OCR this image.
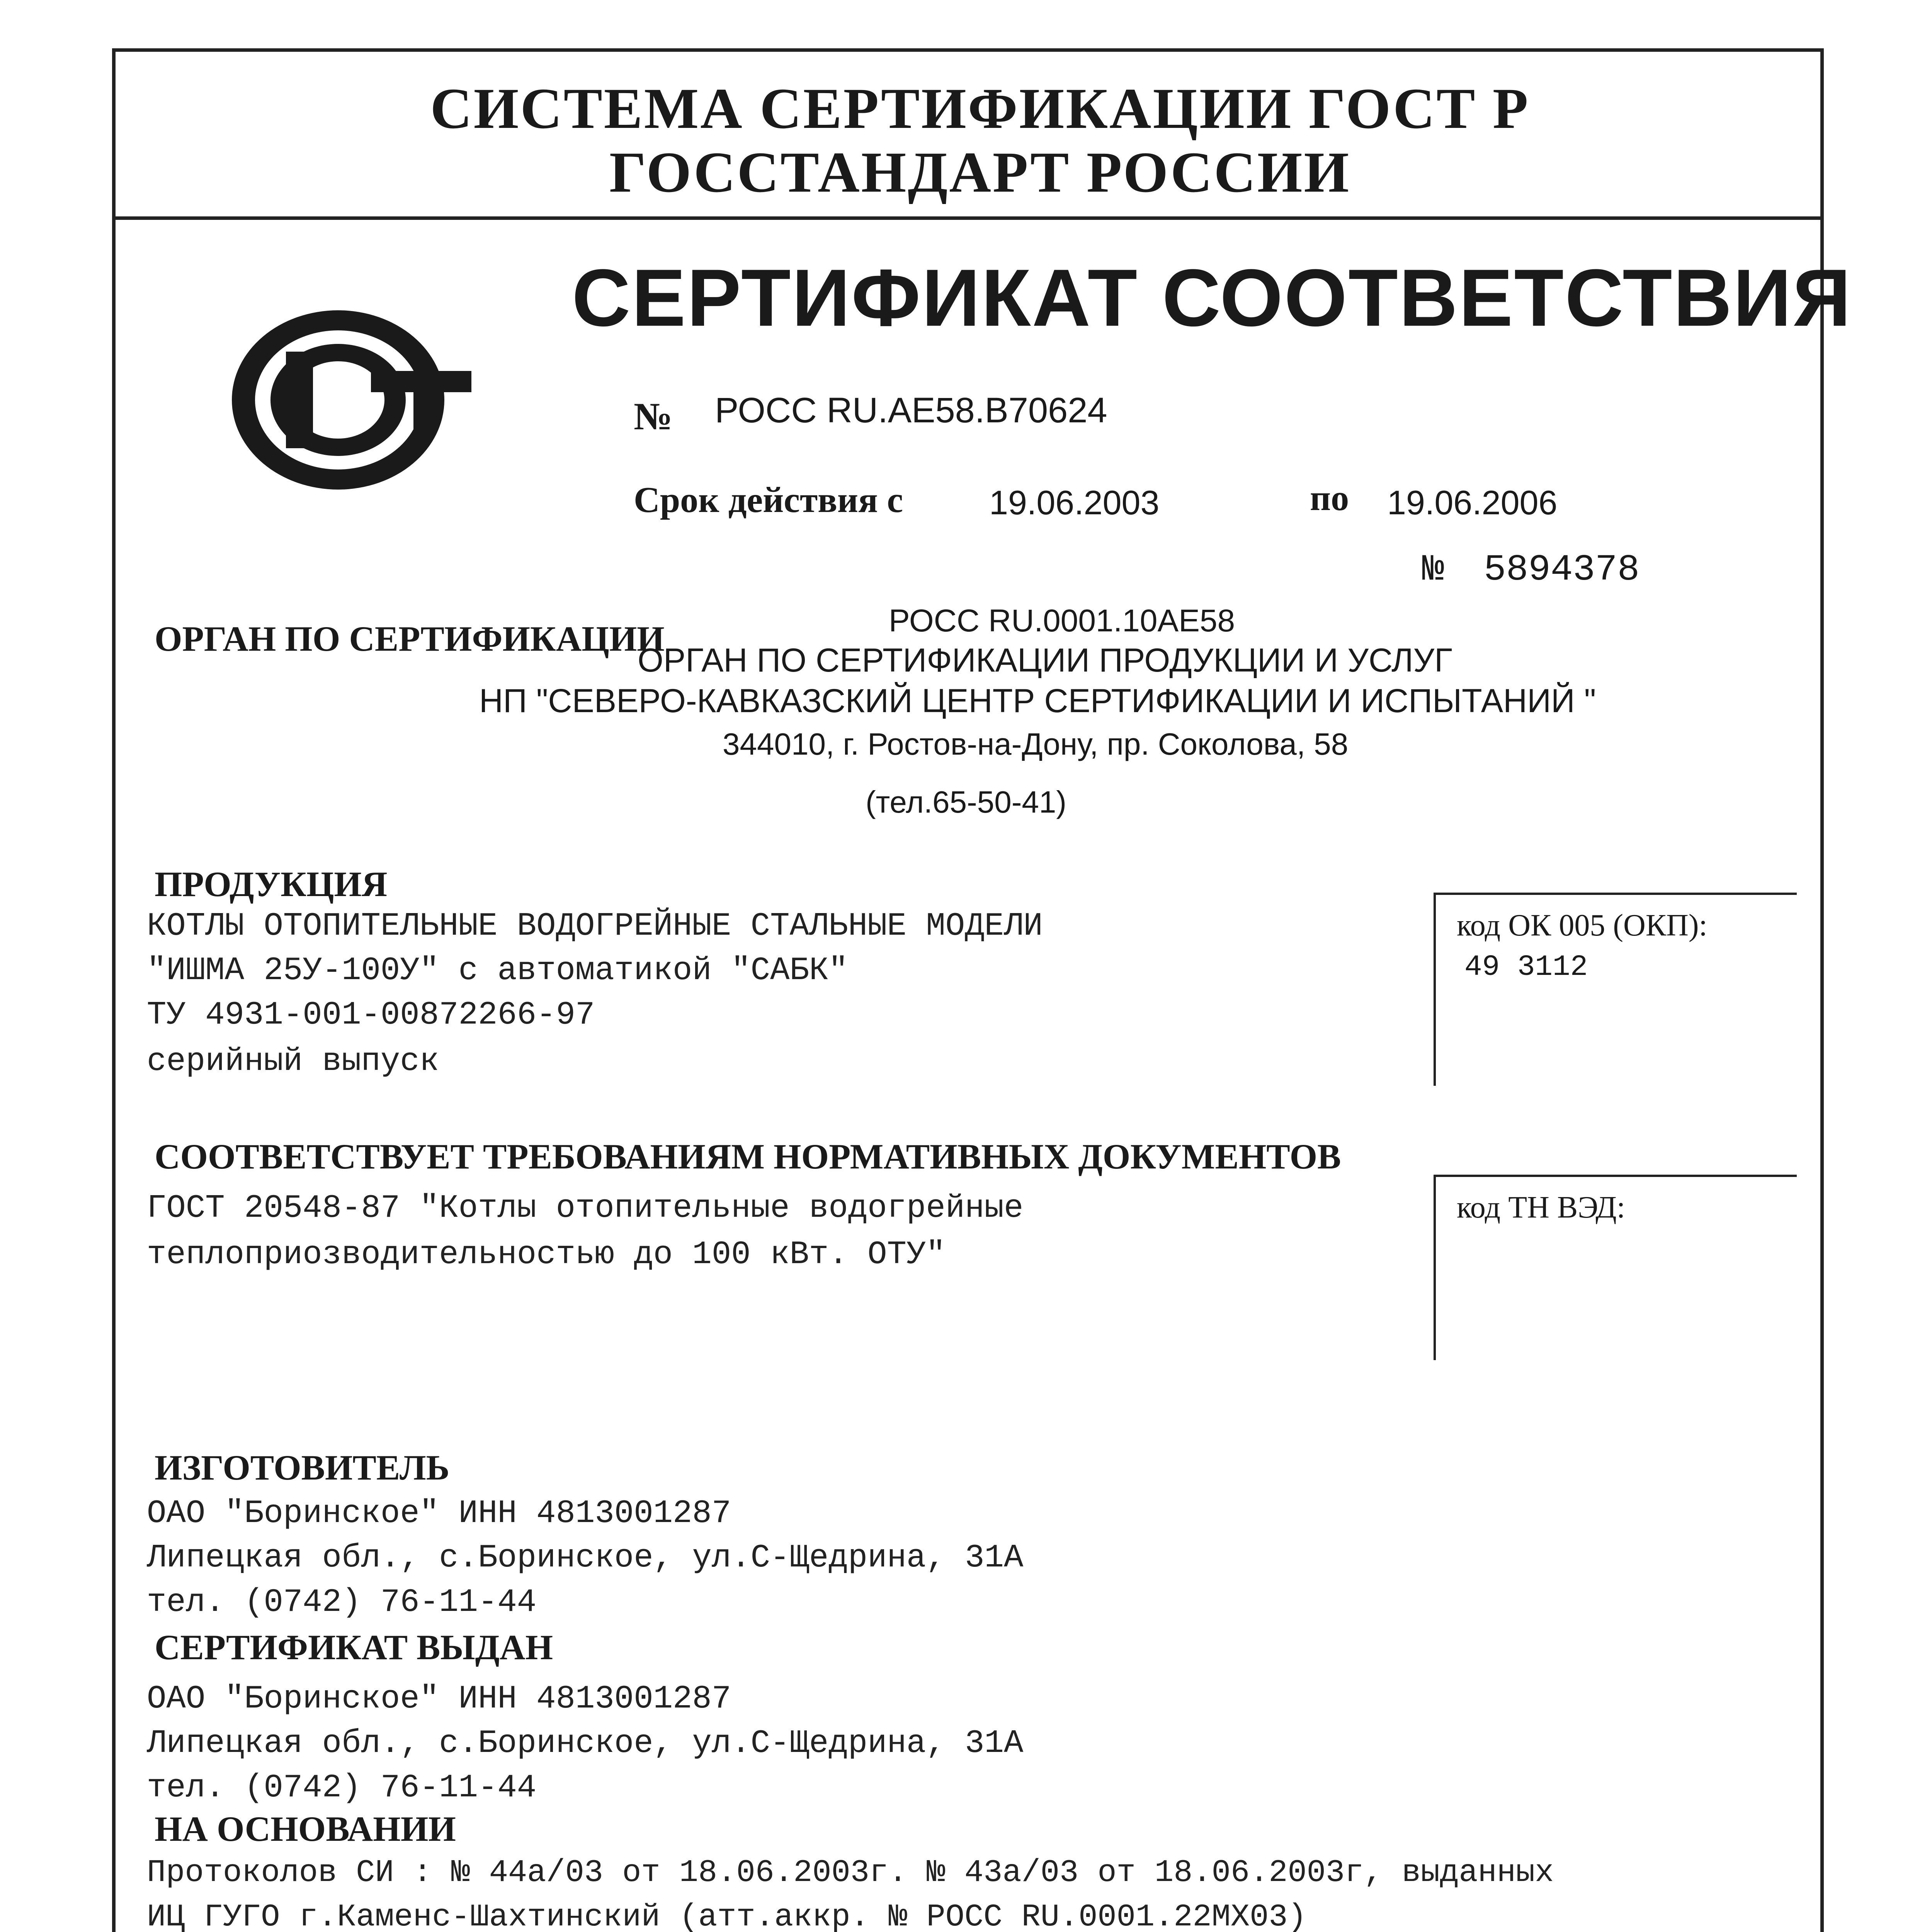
СИСТЕМА СЕРТИФИКАЦИИ ГОСТ Р
ГОССТАНДАРТ РОССИИ
СЕРТИФИКАТ СООТВЕТСТВИЯ
№ РОСС RU.AE58.B70624
Срок действия с	19.06.2003	по 19.06.2006
№ 5894378
ОРГАН ПО СЕРТИФИКАЦИИ	РОСС RU.0001.10АЕ58
ОРГАН ПО СЕРТИФИКАЦИИ ПРОДУКЦИИ И УСЛУГ
НП "СЕВЕРО-КАВКАЗСКИЙ ЦЕНТР СЕРТИФИКАЦИИ И ИСПЫТАНИЙ "
344010, г. Ростов-на-Дону, пр. Соколова, 58
(тел.65-50-41)
ПРОДУКЦИЯ
КОТЛЫ ОТОПИТЕЛЬНЫЕ ВОДОГРЕЙНЫЕ СТАЛЬНЫЕ МОДЕЛИ
"ИШМА 25У-100У" с автоматикой "САБК"
ТУ 4931-001-00872266-97
серийный выпуск
код ОК 005 (ОКП):
49 3112
СООТВЕТСТВУЕТ ТРЕБОВАНИЯМ НОРМАТИВНЫХ ДОКУМЕНТОВ
ГОСТ 20548-87 "Котлы отопительные водогрейные
теплоприозводительностью до 100 кВт. ОТУ"
код ТН ВЭД:
ИЗГОТОВИТЕЛЬ
ОАО "Боринское" ИНН 4813001287
Липецкая обл., с.Боринское, ул.С-Щедрина, 31А
тел. (0742) 76-11-44
СЕРТИФИКАТ ВЫДАН
ОАО "Боринское" ИНН 4813001287
Липецкая обл., с.Боринское, ул.С-Щедрина, 31А
тел. (0742) 76-11-44
НА ОСНОВАНИИ
Протоколов СИ : № 44а/03 от 18.06.2003г. № 43а/03 от 18.06.2003г, выданных
ИЦ ГУГО г.Каменс-Шахтинский (атт.аккр. № РОСС RU.0001.22МХ03)
